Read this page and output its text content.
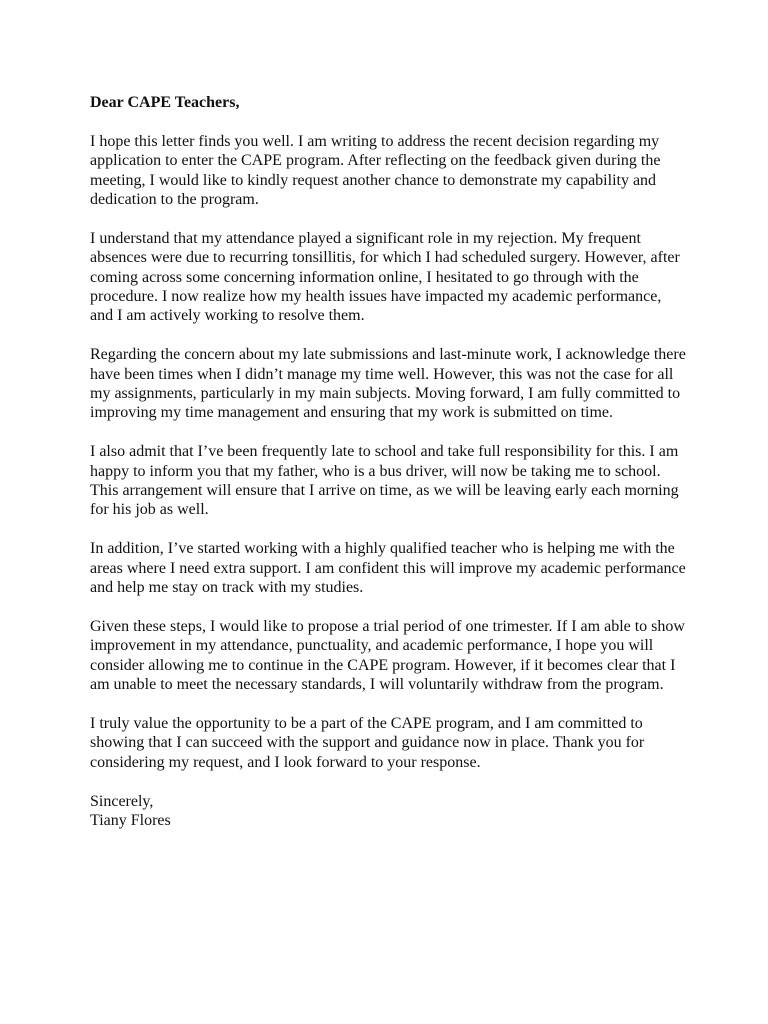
Dear CAPE Teachers,

I hope this letter finds you well. I am writing to address the recent decision regarding my application to enter the CAPE program. After reflecting on the feedback given during the meeting, I would like to kindly request another chance to demonstrate my capability and dedication to the program.

I understand that my attendance played a significant role in my rejection. My frequent absences were due to recurring tonsillitis, for which I had scheduled surgery. However, after coming across some concerning information online, I hesitated to go through with the procedure. I now realize how my health issues have impacted my academic performance, and I am actively working to resolve them.

Regarding the concern about my late submissions and last-minute work, I acknowledge there have been times when I didn’t manage my time well. However, this was not the case for all my assignments, particularly in my main subjects. Moving forward, I am fully committed to improving my time management and ensuring that my work is submitted on time.

I also admit that I’ve been frequently late to school and take full responsibility for this. I am happy to inform you that my father, who is a bus driver, will now be taking me to school. This arrangement will ensure that I arrive on time, as we will be leaving early each morning for his job as well.

In addition, I’ve started working with a highly qualified teacher who is helping me with the areas where I need extra support. I am confident this will improve my academic performance and help me stay on track with my studies.

Given these steps, I would like to propose a trial period of one trimester. If I am able to show improvement in my attendance, punctuality, and academic performance, I hope you will consider allowing me to continue in the CAPE program. However, if it becomes clear that I am unable to meet the necessary standards, I will voluntarily withdraw from the program.

I truly value the opportunity to be a part of the CAPE program, and I am committed to showing that I can succeed with the support and guidance now in place. Thank you for considering my request, and I look forward to your response.

Sincerely,
Tiany Flores
